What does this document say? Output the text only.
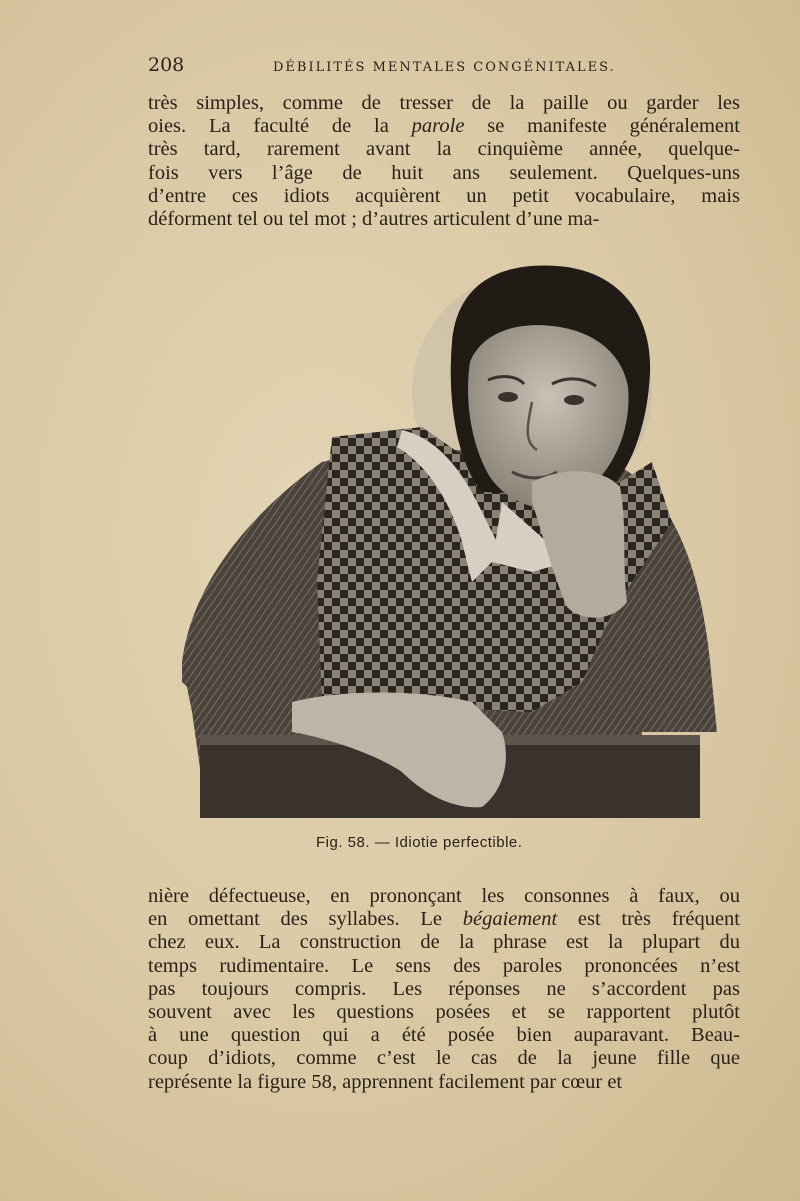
208	DÉBILITÉS MENTALES CONGÉNITALES.
très simples, comme de tresser de la paille ou garder les
oies. La faculté de la parole se manifeste généralement
très tard, rarement avant la cinquième année, quelque-
fois vers l’âge de huit ans seulement. Quelques-uns
d’entre ces idiots acquièrent un petit vocabulaire, mais
déforment tel ou tel mot ; d’autres articulent d’une ma-
Fig. 58. — Idiotie perfectible.
nière défectueuse, en prononçant les consonnes à faux, ou
en omettant des syllabes. Le bégaiement est très fréquent
chez eux. La construction de la phrase est la plupart du
temps rudimentaire. Le sens des paroles prononcées n’est
pas toujours compris. Les réponses ne s’accordent pas
souvent avec les questions posées et se rapportent plutôt
à une question qui a été posée bien auparavant. Beau-
coup d’idiots, comme c’est le cas de la jeune fille que
représente la figure 58, apprennent facilement par cœur et
